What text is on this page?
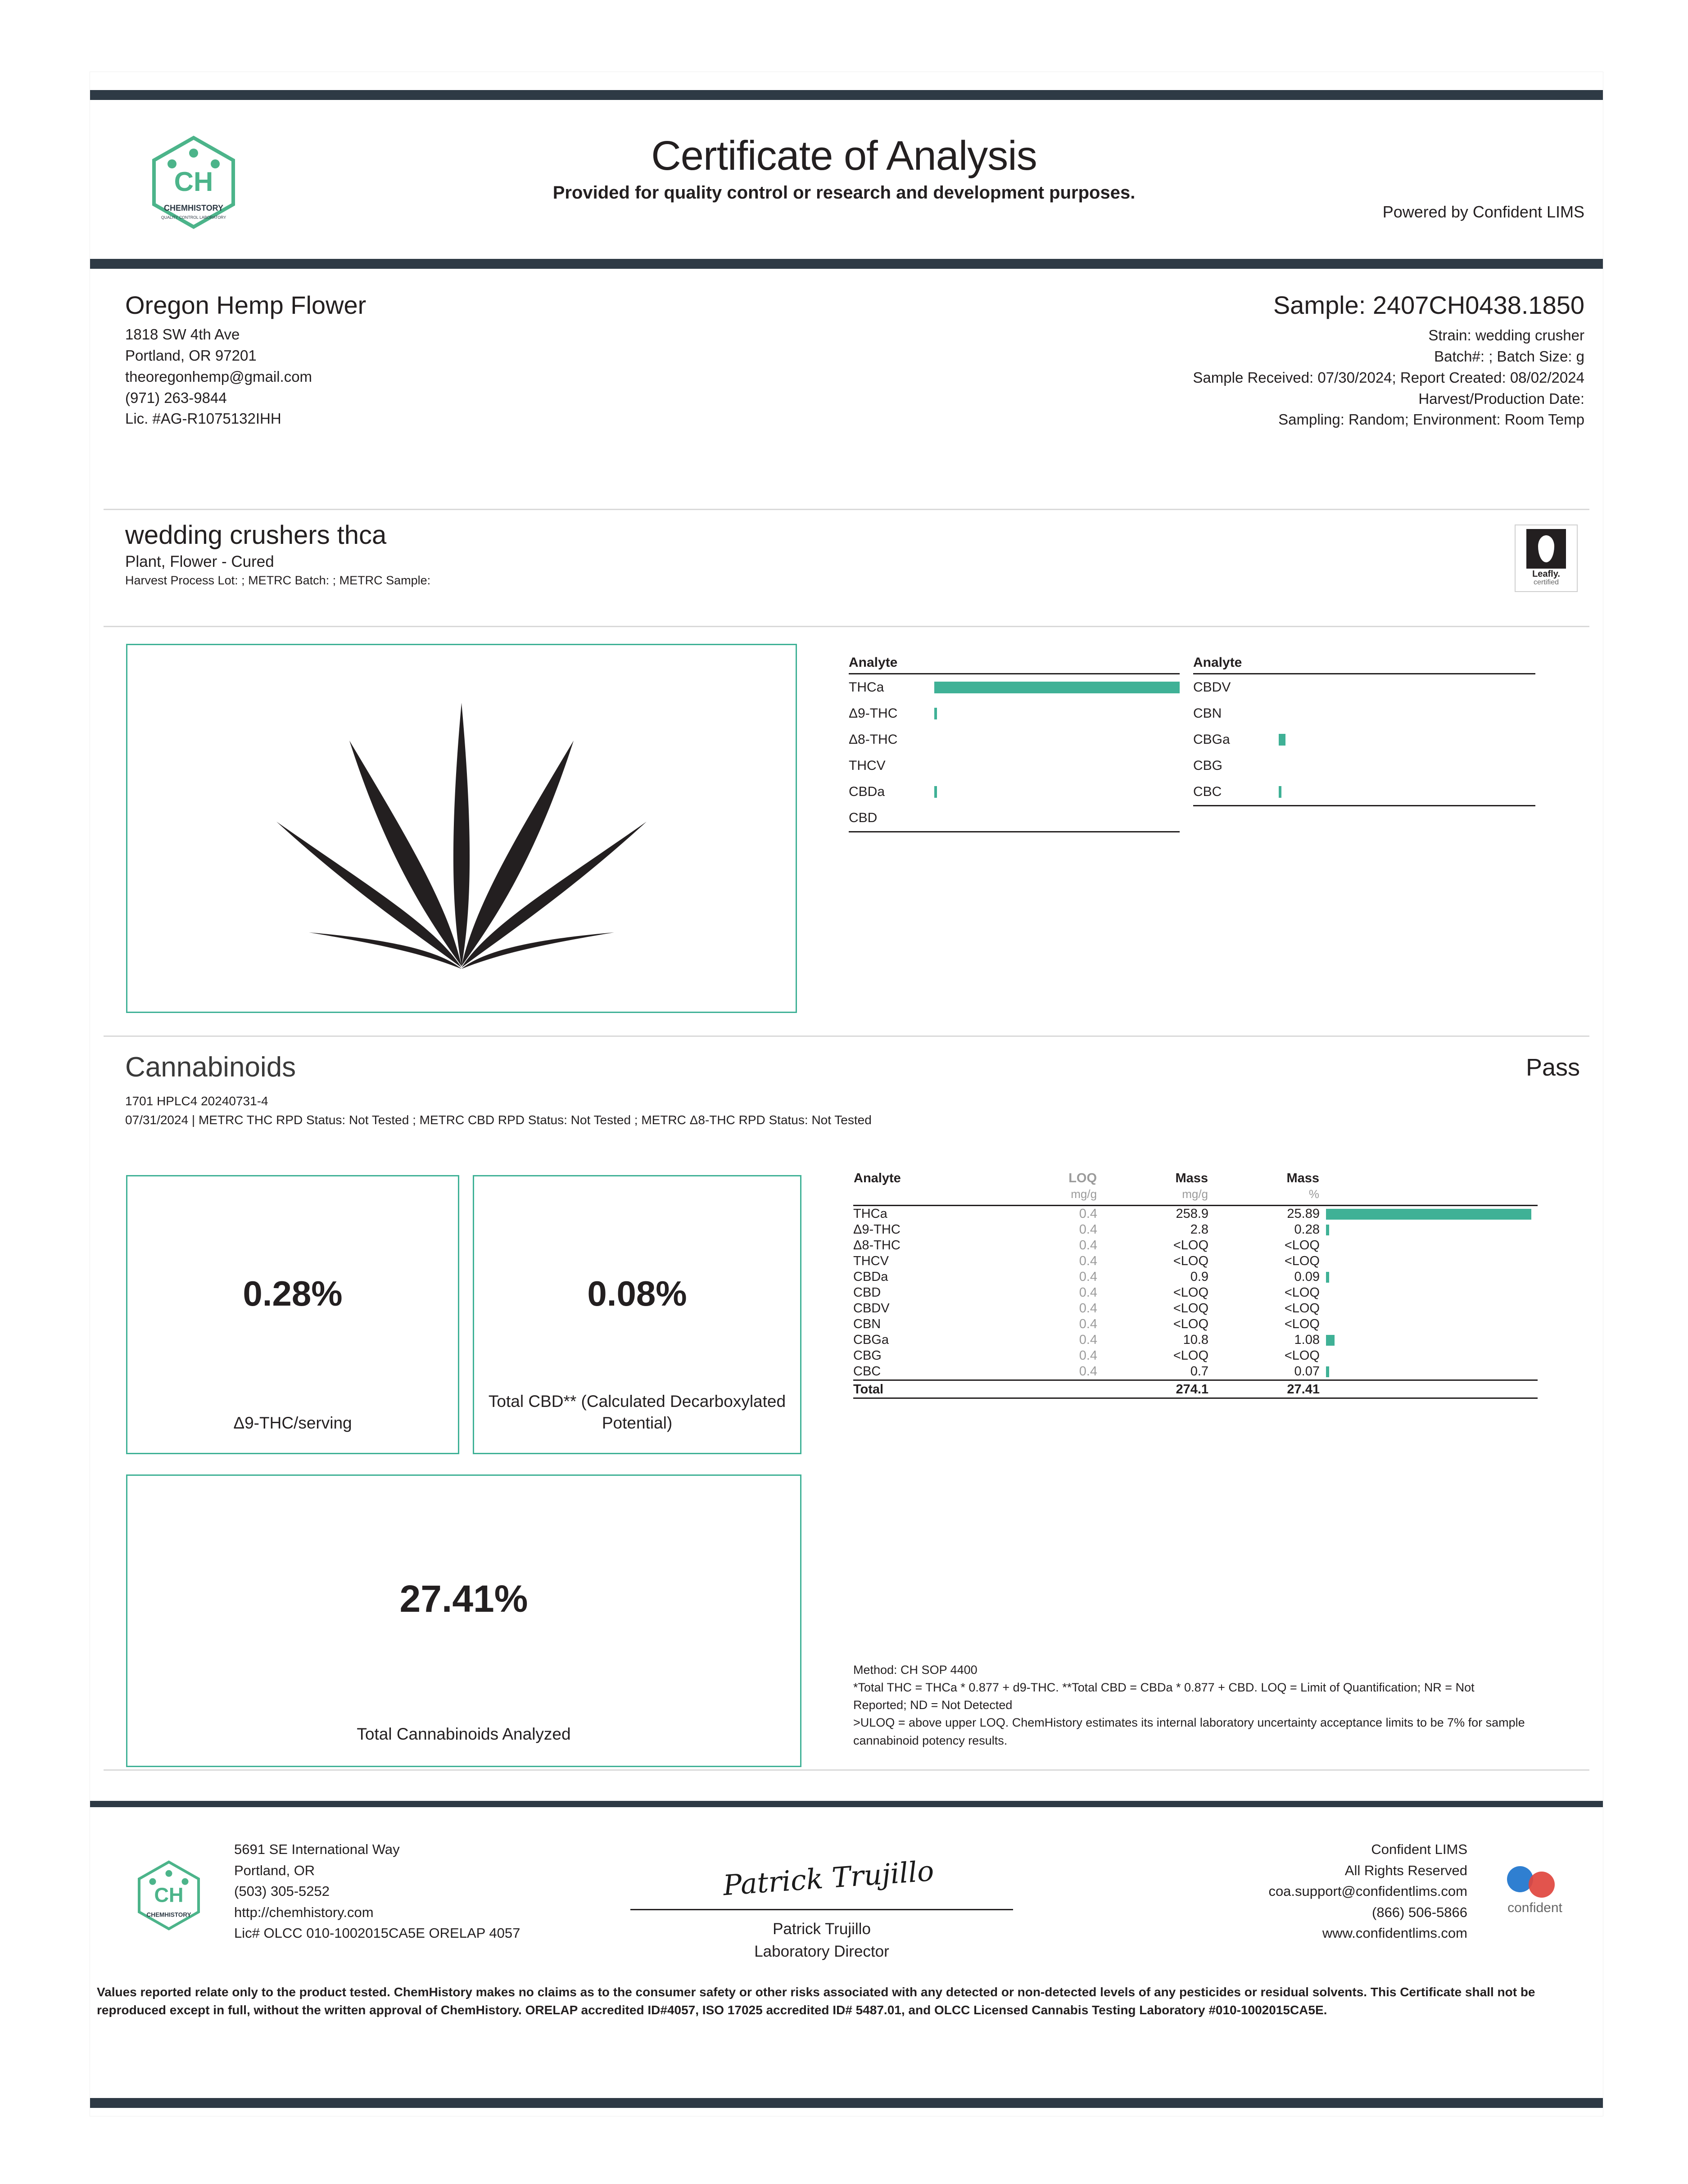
CH
CHEMHISTORY
QUALITY CONTROL LABORATORY
Certificate of Analysis
Provided for quality control or research and development purposes.
Powered by Confident LIMS
Oregon Hemp Flower
1818 SW 4th Ave
Portland, OR 97201
theoregonhemp@gmail.com
(971) 263-9844
Lic. #AG-R1075132IHH
Sample: 2407CH0438.1850
Strain: wedding crusher
Batch#: ; Batch Size: g
Sample Received: 07/30/2024; Report Created: 08/02/2024
Harvest/Production Date:
Sampling: Random; Environment: Room Temp
wedding crushers thca
Plant, Flower - Cured
Harvest Process Lot: ; METRC Batch: ; METRC Sample:	Leafly.
certified
Analyte
THCa
Δ9-THC
Δ8-THC
THCV
CBDa
CBD
Analyte
CBDV
CBN
CBGa
CBG
CBC
Cannabinoids	Pass
1701 HPLC4 20240731-4
07/31/2024 | METRC THC RPD Status: Not Tested ; METRC CBD RPD Status: Not Tested ; METRC Δ8-THC RPD Status: Not Tested
0.28%
Δ9-THC/serving
0.08%
Total CBD** (Calculated Decarboxylated Potential)
27.41%
Total Cannabinoids Analyzed
Analyte	LOQ	Mass	Mass	
	mg/g	mg/g	%	

THCa	0.4	258.9	25.89	

Δ9-THC	0.4	2.8	0.28	

Δ8-THC	0.4	<LOQ	<LOQ	
THCV	0.4	<LOQ	<LOQ	
CBDa	0.4	0.9	0.09	

CBD	0.4	<LOQ	<LOQ	
CBDV	0.4	<LOQ	<LOQ	
CBN	0.4	<LOQ	<LOQ	
CBGa	0.4	10.8	1.08	

CBG	0.4	<LOQ	<LOQ	
CBC	0.4	0.7	0.07	

Total		274.1	27.41	

Method: CH SOP 4400
*Total THC = THCa * 0.877 + d9-THC. **Total CBD = CBDa * 0.877 + CBD. LOQ = Limit of Quantification; NR = Not Reported; ND = Not Detected
>ULOQ = above upper LOQ. ChemHistory estimates its internal laboratory uncertainty acceptance limits to be 7% for sample cannabinoid potency results.
CH
CHEMHISTORY
5691 SE International Way
Portland, OR
(503) 305-5252
http://chemhistory.com
Lic# OLCC 010-1002015CA5E ORELAP 4057
Patrick Trujillo
Patrick Trujillo
Laboratory Director
Confident LIMS
All Rights Reserved
coa.support@confidentlims.com
(866) 506-5866
www.confidentlims.com
confident
Values reported relate only to the product tested. ChemHistory makes no claims as to the consumer safety or other risks associated with any detected or non-detected levels of any pesticides or residual solvents. This Certificate shall not be reproduced except in full, without the written approval of ChemHistory. ORELAP accredited ID#4057, ISO 17025 accredited ID# 5487.01, and OLCC Licensed Cannabis Testing Laboratory #010-1002015CA5E.
